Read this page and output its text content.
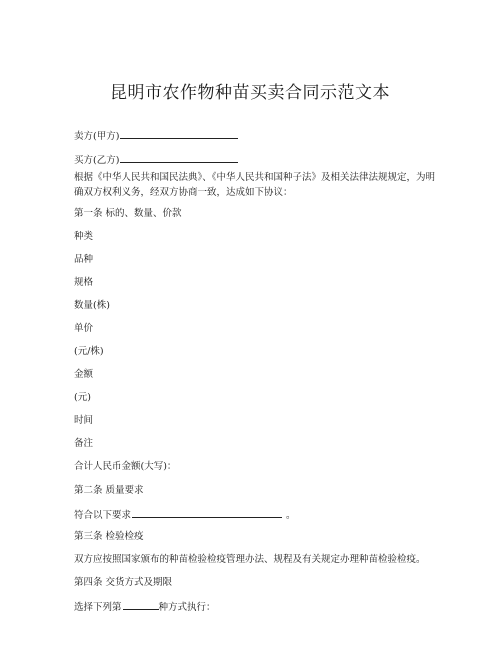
昆明市农作物种苗买卖合同示范文本
卖方(甲方)
买方(乙方)
根据《中华人民共和国民法典》、《中华人民共和国种子法》及相关法律法规规定，为明确双方权利义务，经双方协商一致，达成如下协议：
第一条 标的、数量、价款
种类
品种
规格
数量(株)
单价
(元/株)
金额
(元)
时间
备注
合计人民币金额(大写)：
第二条 质量要求
符合以下要求	。
第三条 检验检疫
双方应按照国家颁布的种苗检验检疫管理办法、规程及有关规定办理种苗检验检疫。
第四条 交货方式及期限
选择下列第	种方式执行：
